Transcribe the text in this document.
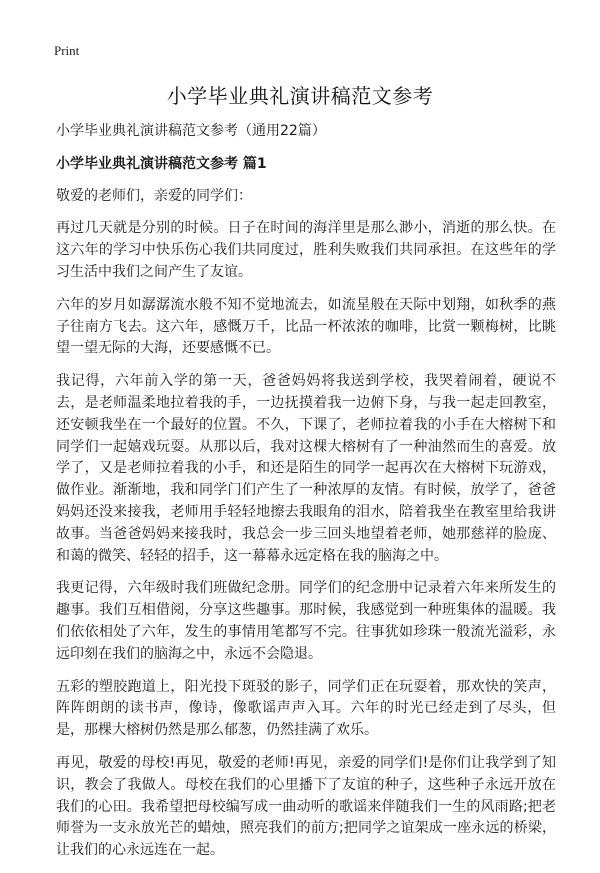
Print
小学毕业典礼演讲稿范文参考

小学毕业典礼演讲稿范文参考（通用22篇）

小学毕业典礼演讲稿范文参考 篇1

敬爱的老师们，亲爱的同学们：

再过几天就是分别的时候。日子在时间的海洋里是那么渺小，消逝的那么快。在这六年的学习中快乐伤心我们共同度过，胜利失败我们共同承担。在这些年的学习生活中我们之间产生了友谊。

六年的岁月如潺潺流水般不知不觉地流去，如流星般在天际中划翔，如秋季的燕子往南方飞去。这六年，感慨万千，比品一杯浓浓的咖啡，比赏一颗梅树，比眺望一望无际的大海，还要感慨不已。

我记得，六年前入学的第一天，爸爸妈妈将我送到学校，我哭着闹着，硬说不去，是老师温柔地拉着我的手，一边抚摸着我一边俯下身，与我一起走回教室，还安顿我坐在一个最好的位置。不久，下课了，老师拉着我的小手在大榕树下和同学们一起嬉戏玩耍。从那以后，我对这棵大榕树有了一种油然而生的喜爱。放学了，又是老师拉着我的小手，和还是陌生的同学一起再次在大榕树下玩游戏，做作业。渐渐地，我和同学门们产生了一种浓厚的友情。有时候，放学了，爸爸妈妈还没来接我，老师用手轻轻地擦去我眼角的泪水，陪着我坐在教室里给我讲故事。当爸爸妈妈来接我时，我总会一步三回头地望着老师，她那慈祥的脸庞、和蔼的微笑、轻轻的招手，这一幕幕永远定格在我的脑海之中。

我更记得，六年级时我们班做纪念册。同学们的纪念册中记录着六年来所发生的趣事。我们互相借阅，分享这些趣事。那时候，我感觉到一种班集体的温暖。我们依依相处了六年，发生的事情用笔都写不完。往事犹如珍珠一般流光溢彩，永远印刻在我们的脑海之中，永远不会隐退。

五彩的塑胶跑道上，阳光投下斑驳的影子，同学们正在玩耍着，那欢快的笑声，阵阵朗朗的读书声，像诗，像歌谣声声入耳。六年的时光已经走到了尽头，但是，那棵大榕树仍然是那么郁葱，仍然挂满了欢乐。

再见，敬爱的母校!再见，敬爱的老师!再见，亲爱的同学们!是你们让我学到了知识，教会了我做人。母校在我们的心里播下了友谊的种子，这些种子永远开放在我们的心田。我希望把母校编写成一曲动听的歌谣来伴随我们一生的风雨路;把老师誉为一支永放光芒的蜡烛，照亮我们的前方;把同学之谊架成一座永远的桥梁，让我们的心永远连在一起。
